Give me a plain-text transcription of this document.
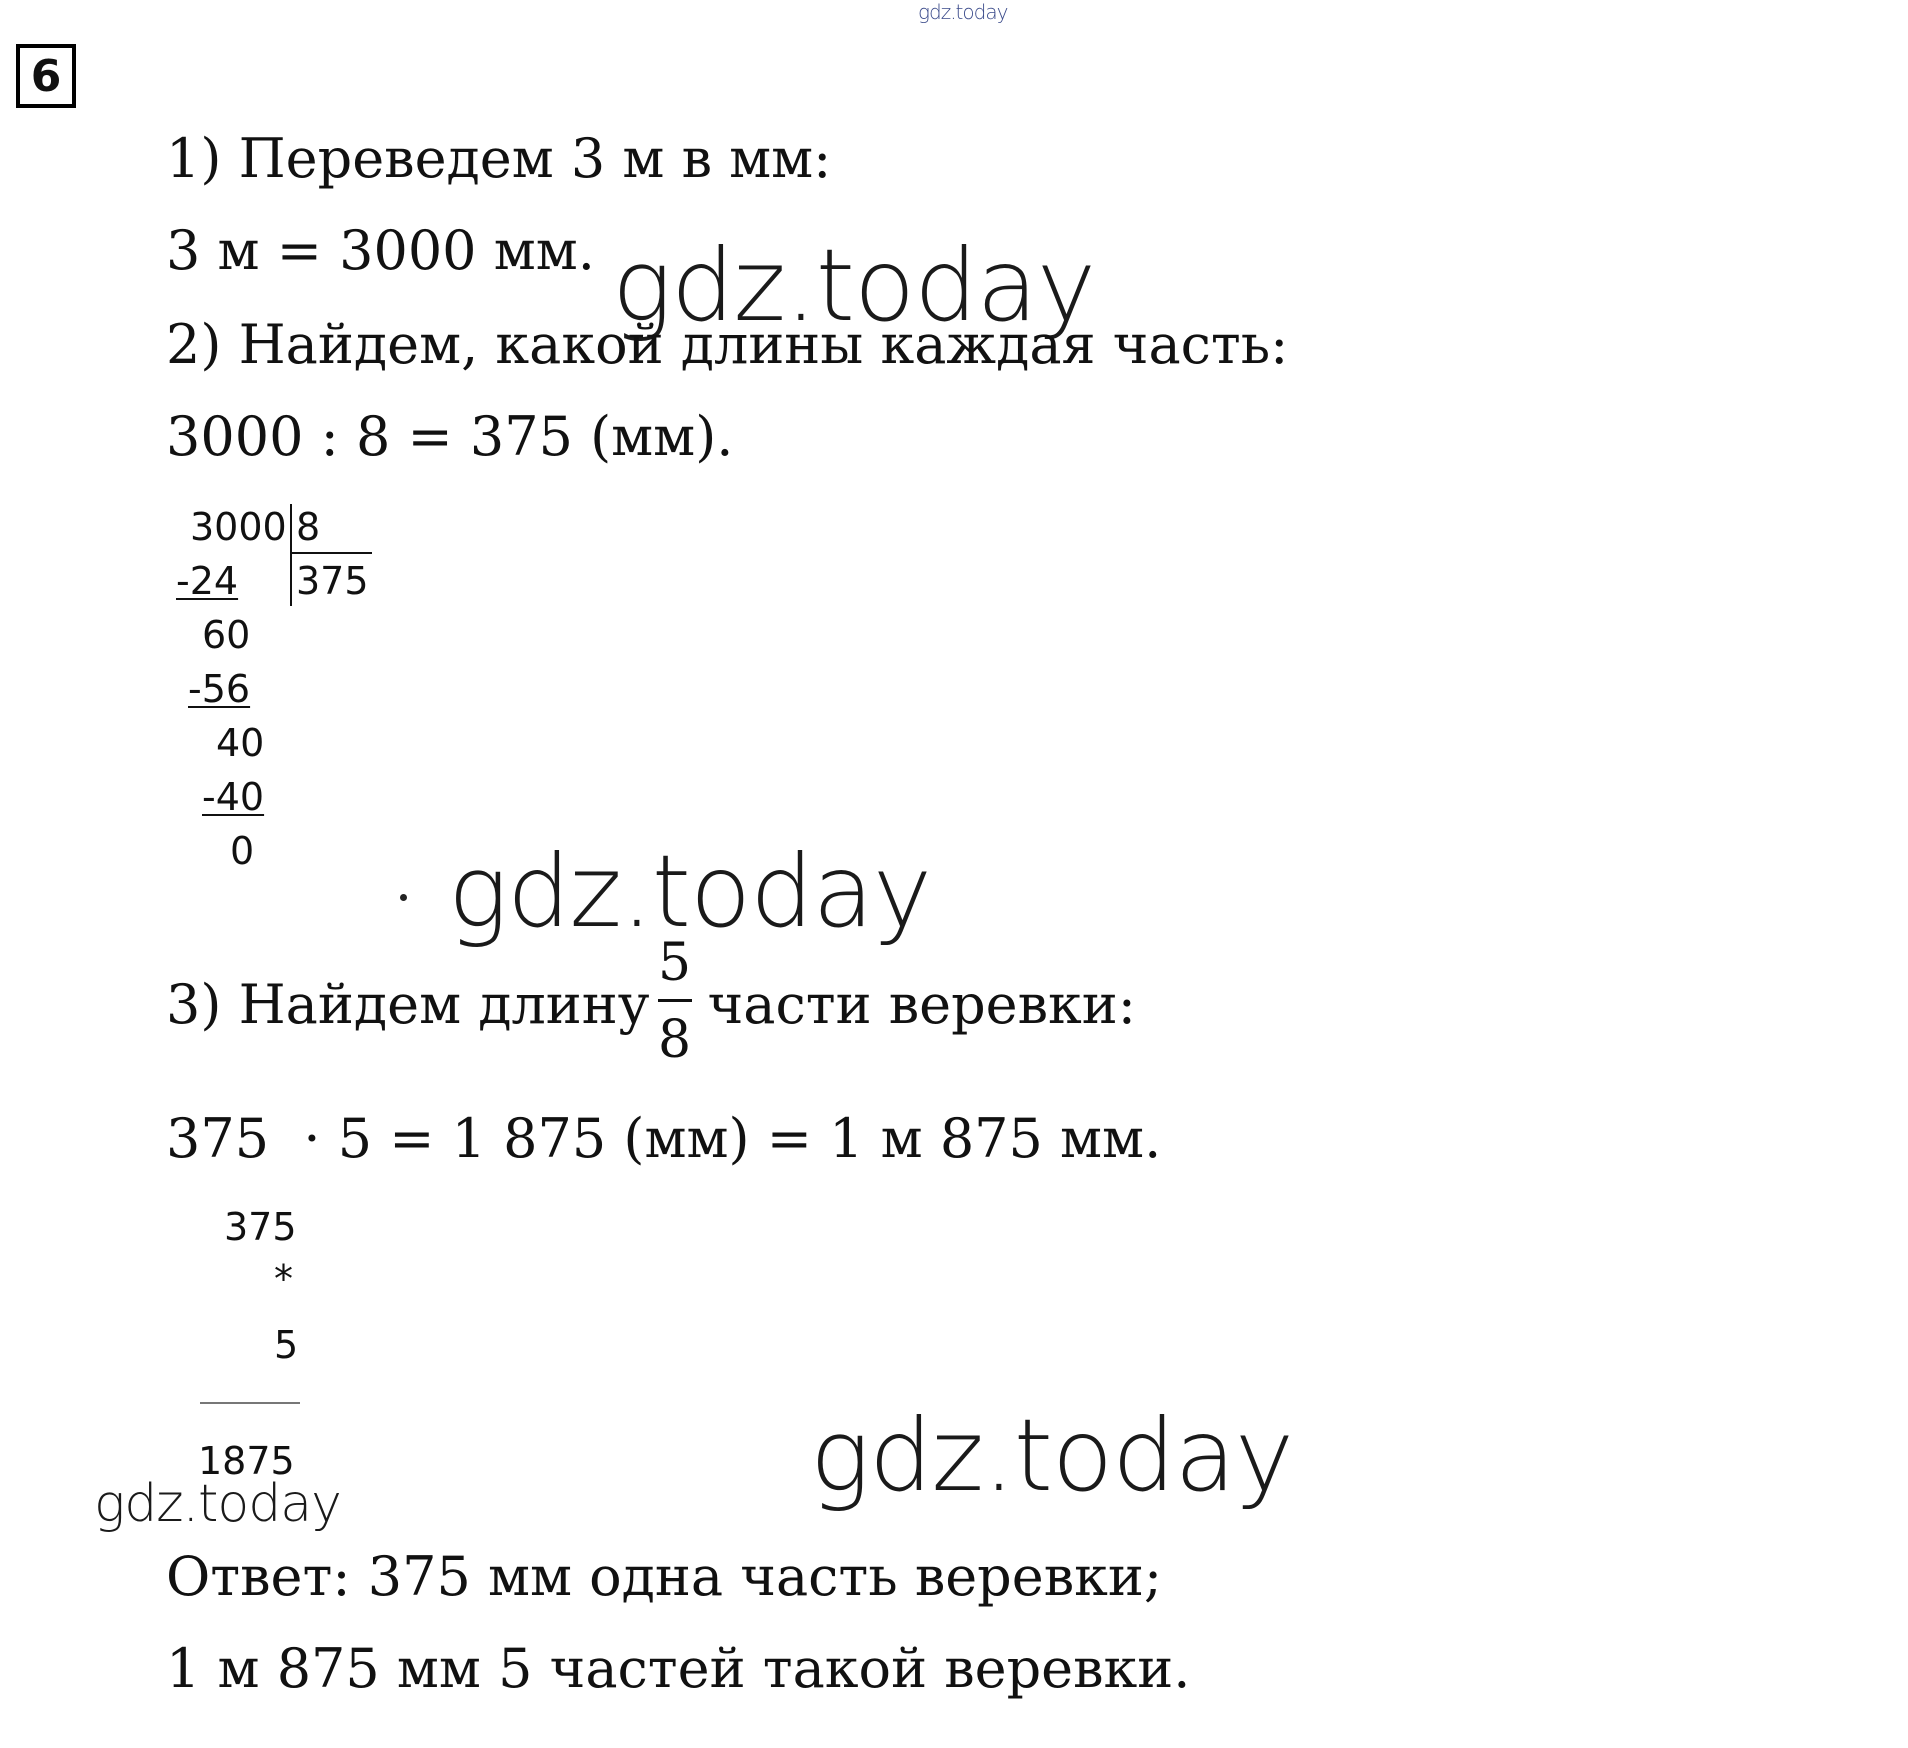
gdz.today
6
1) Переведем 3 м в мм:
3 м = 3000 мм. gdz.today
2) Найдем, какой длины каждая часть:
3000 : 8 = 375 (мм).
3000 8
375
-24
60
-56
40
-40
0 gdz.today
3) Найдем длину $\frac{5}{8}$ части веревки:
375  · 5 = 1 875 (мм) = 1 м 875 мм.
375
*
5
1875
gdz.today	gdz.today
Ответ: 375 мм одна часть веревки;
1 м 875 мм 5 частей такой веревки.
